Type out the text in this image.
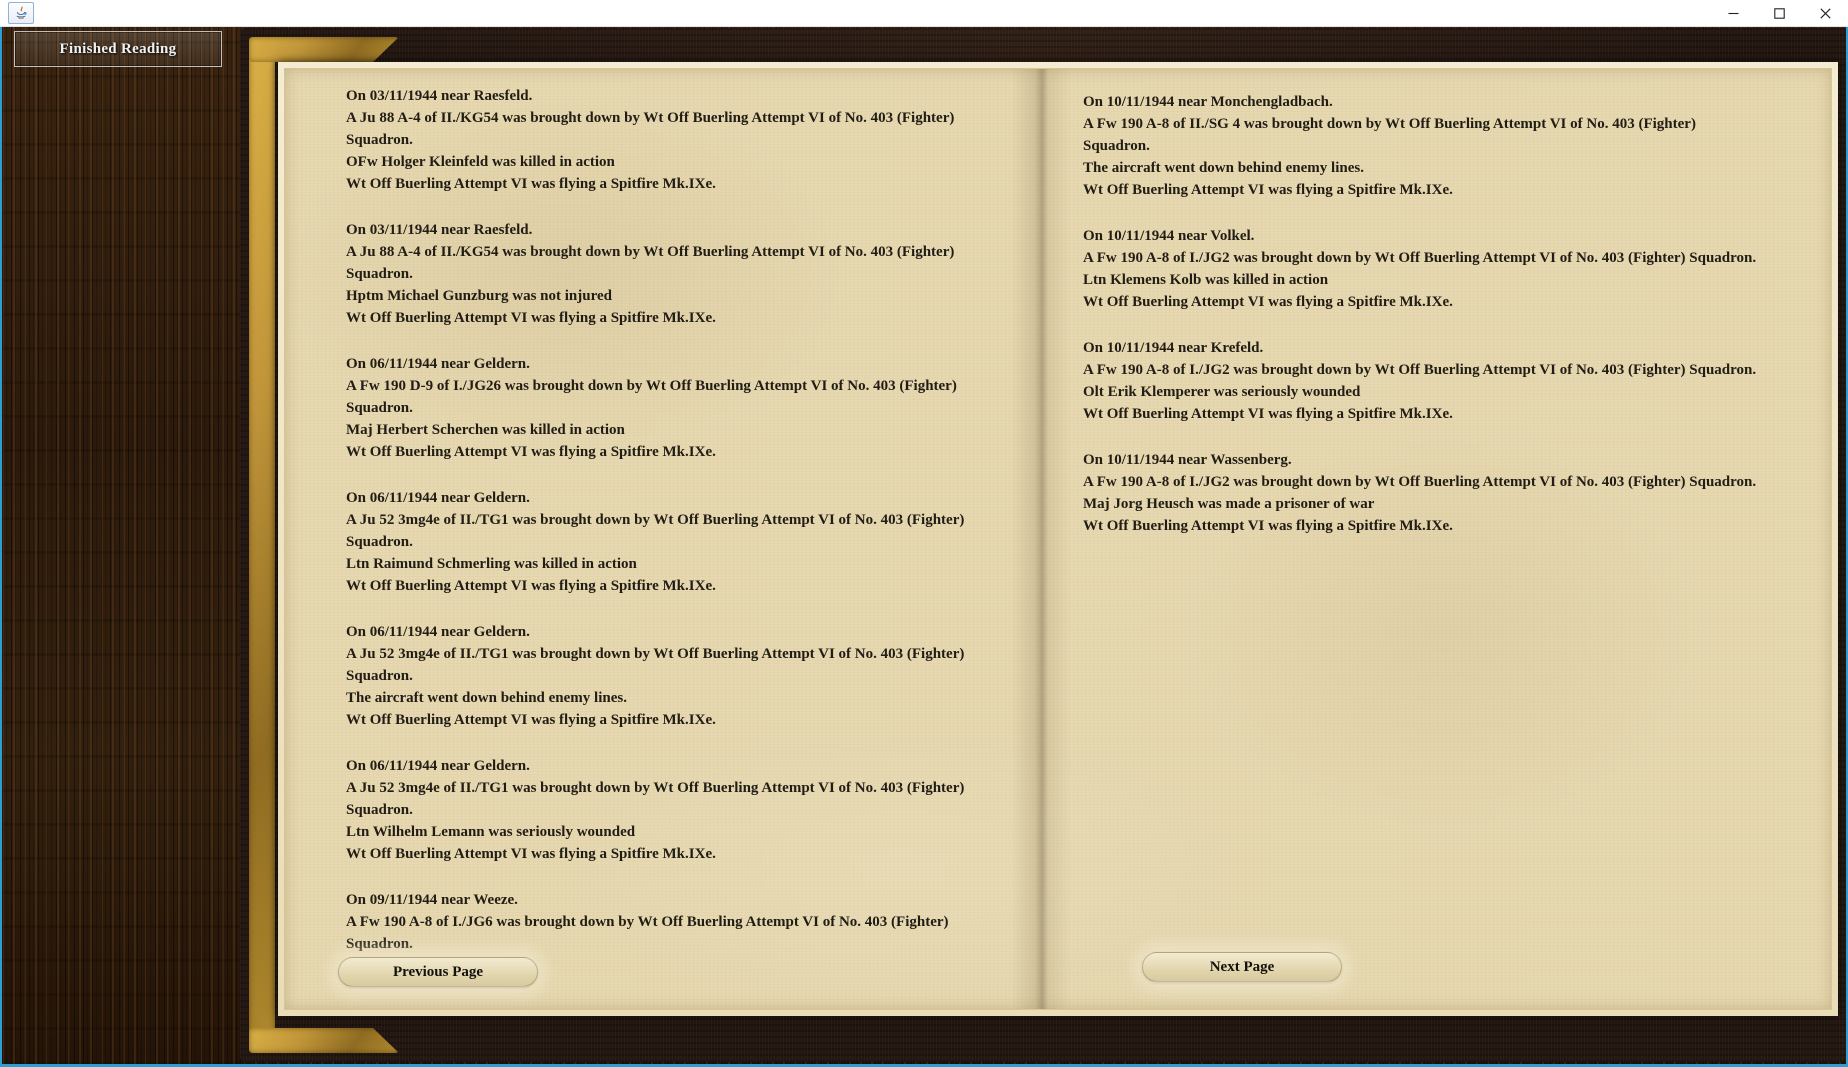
Finished Reading
On 03/11/1944 near Raesfeld.
A Ju 88 A-4 of II./KG54 was brought down by Wt Off Buerling Attempt VI of No. 403 (Fighter)
Squadron.
OFw Holger Kleinfeld was killed in action
Wt Off Buerling Attempt VI was flying a Spitfire Mk.IXe.
On 03/11/1944 near Raesfeld.
A Ju 88 A-4 of II./KG54 was brought down by Wt Off Buerling Attempt VI of No. 403 (Fighter)
Squadron.
Hptm Michael Gunzburg was not injured
Wt Off Buerling Attempt VI was flying a Spitfire Mk.IXe.
On 06/11/1944 near Geldern.
A Fw 190 D-9 of I./JG26 was brought down by Wt Off Buerling Attempt VI of No. 403 (Fighter)
Squadron.
Maj Herbert Scherchen was killed in action
Wt Off Buerling Attempt VI was flying a Spitfire Mk.IXe.
On 06/11/1944 near Geldern.
A Ju 52 3mg4e of II./TG1 was brought down by Wt Off Buerling Attempt VI of No. 403 (Fighter)
Squadron.
Ltn Raimund Schmerling was killed in action
Wt Off Buerling Attempt VI was flying a Spitfire Mk.IXe.
On 06/11/1944 near Geldern.
A Ju 52 3mg4e of II./TG1 was brought down by Wt Off Buerling Attempt VI of No. 403 (Fighter)
Squadron.
The aircraft went down behind enemy lines.
Wt Off Buerling Attempt VI was flying a Spitfire Mk.IXe.
On 06/11/1944 near Geldern.
A Ju 52 3mg4e of II./TG1 was brought down by Wt Off Buerling Attempt VI of No. 403 (Fighter)
Squadron.
Ltn Wilhelm Lemann was seriously wounded
Wt Off Buerling Attempt VI was flying a Spitfire Mk.IXe.
On 09/11/1944 near Weeze.
A Fw 190 A-8 of I./JG6 was brought down by Wt Off Buerling Attempt VI of No. 403 (Fighter)
Squadron.
On 10/11/1944 near Monchengladbach.
A Fw 190 A-8 of II./SG 4 was brought down by Wt Off Buerling Attempt VI of No. 403 (Fighter)
Squadron.
The aircraft went down behind enemy lines.
Wt Off Buerling Attempt VI was flying a Spitfire Mk.IXe.
On 10/11/1944 near Volkel.
A Fw 190 A-8 of I./JG2 was brought down by Wt Off Buerling Attempt VI of No. 403 (Fighter) Squadron.
Ltn Klemens Kolb was killed in action
Wt Off Buerling Attempt VI was flying a Spitfire Mk.IXe.
On 10/11/1944 near Krefeld.
A Fw 190 A-8 of I./JG2 was brought down by Wt Off Buerling Attempt VI of No. 403 (Fighter) Squadron.
Olt Erik Klemperer was seriously wounded
Wt Off Buerling Attempt VI was flying a Spitfire Mk.IXe.
On 10/11/1944 near Wassenberg.
A Fw 190 A-8 of I./JG2 was brought down by Wt Off Buerling Attempt VI of No. 403 (Fighter) Squadron.
Maj Jorg Heusch was made a prisoner of war
Wt Off Buerling Attempt VI was flying a Spitfire Mk.IXe.
Previous Page	Next Page
